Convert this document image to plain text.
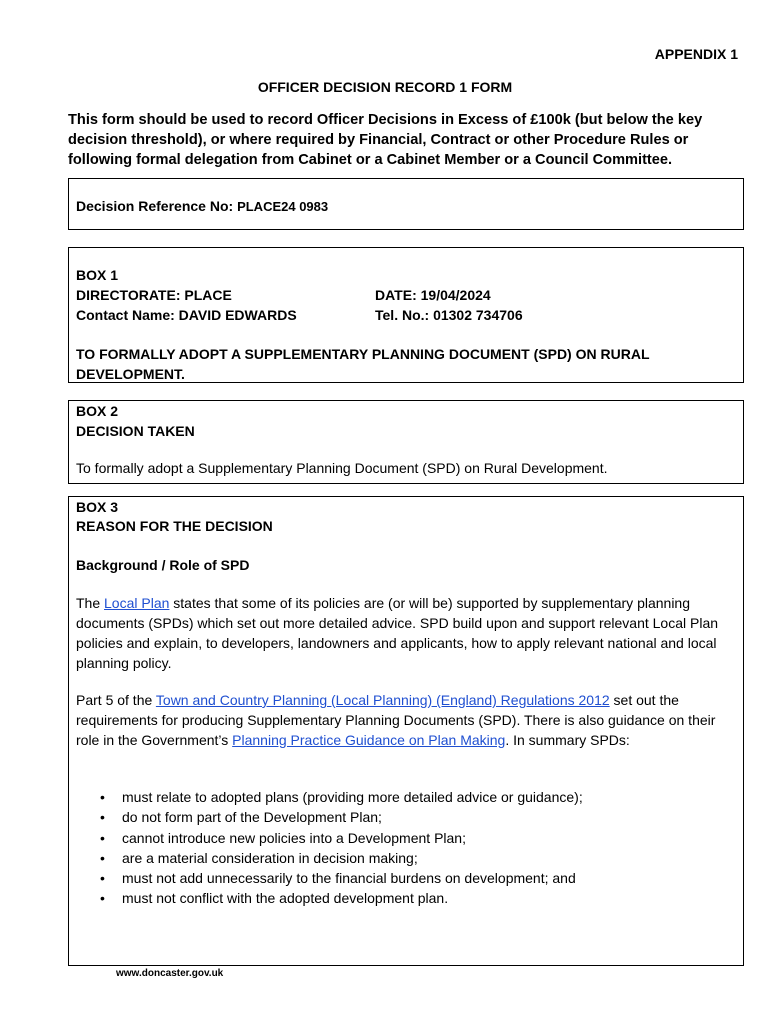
APPENDIX 1
OFFICER DECISION RECORD 1 FORM
This form should be used to record Officer Decisions in Excess of £100k (but below the key decision threshold), or where required by Financial, Contract or other Procedure Rules or following formal delegation from Cabinet or a Cabinet Member or a Council Committee.
Decision Reference No: PLACE24 0983
BOX 1
DIRECTORATE: PLACE
Contact Name: DAVID EDWARDS
DATE: 19/04/2024
Tel. No.: 01302 734706
TO FORMALLY ADOPT A SUPPLEMENTARY PLANNING DOCUMENT (SPD) ON RURAL DEVELOPMENT.
BOX 2
DECISION TAKEN
To formally adopt a Supplementary Planning Document (SPD) on Rural Development.
BOX 3
REASON FOR THE DECISION
Background / Role of SPD
The Local Plan states that some of its policies are (or will be) supported by supplementary planning documents (SPDs) which set out more detailed advice. SPD build upon and support relevant Local Plan policies and explain, to developers, landowners and applicants, how to apply relevant national and local planning policy.
Part 5 of the Town and Country Planning (Local Planning) (England) Regulations 2012 set out the requirements for producing Supplementary Planning Documents (SPD). There is also guidance on their role in the Government’s Planning Practice Guidance on Plan Making. In summary SPDs:
• must relate to adopted plans (providing more detailed advice or guidance);
• do not form part of the Development Plan;
• cannot introduce new policies into a Development Plan;
• are a material consideration in decision making;
• must not add unnecessarily to the financial burdens on development; and
• must not conflict with the adopted development plan.
www.doncaster.gov.uk
